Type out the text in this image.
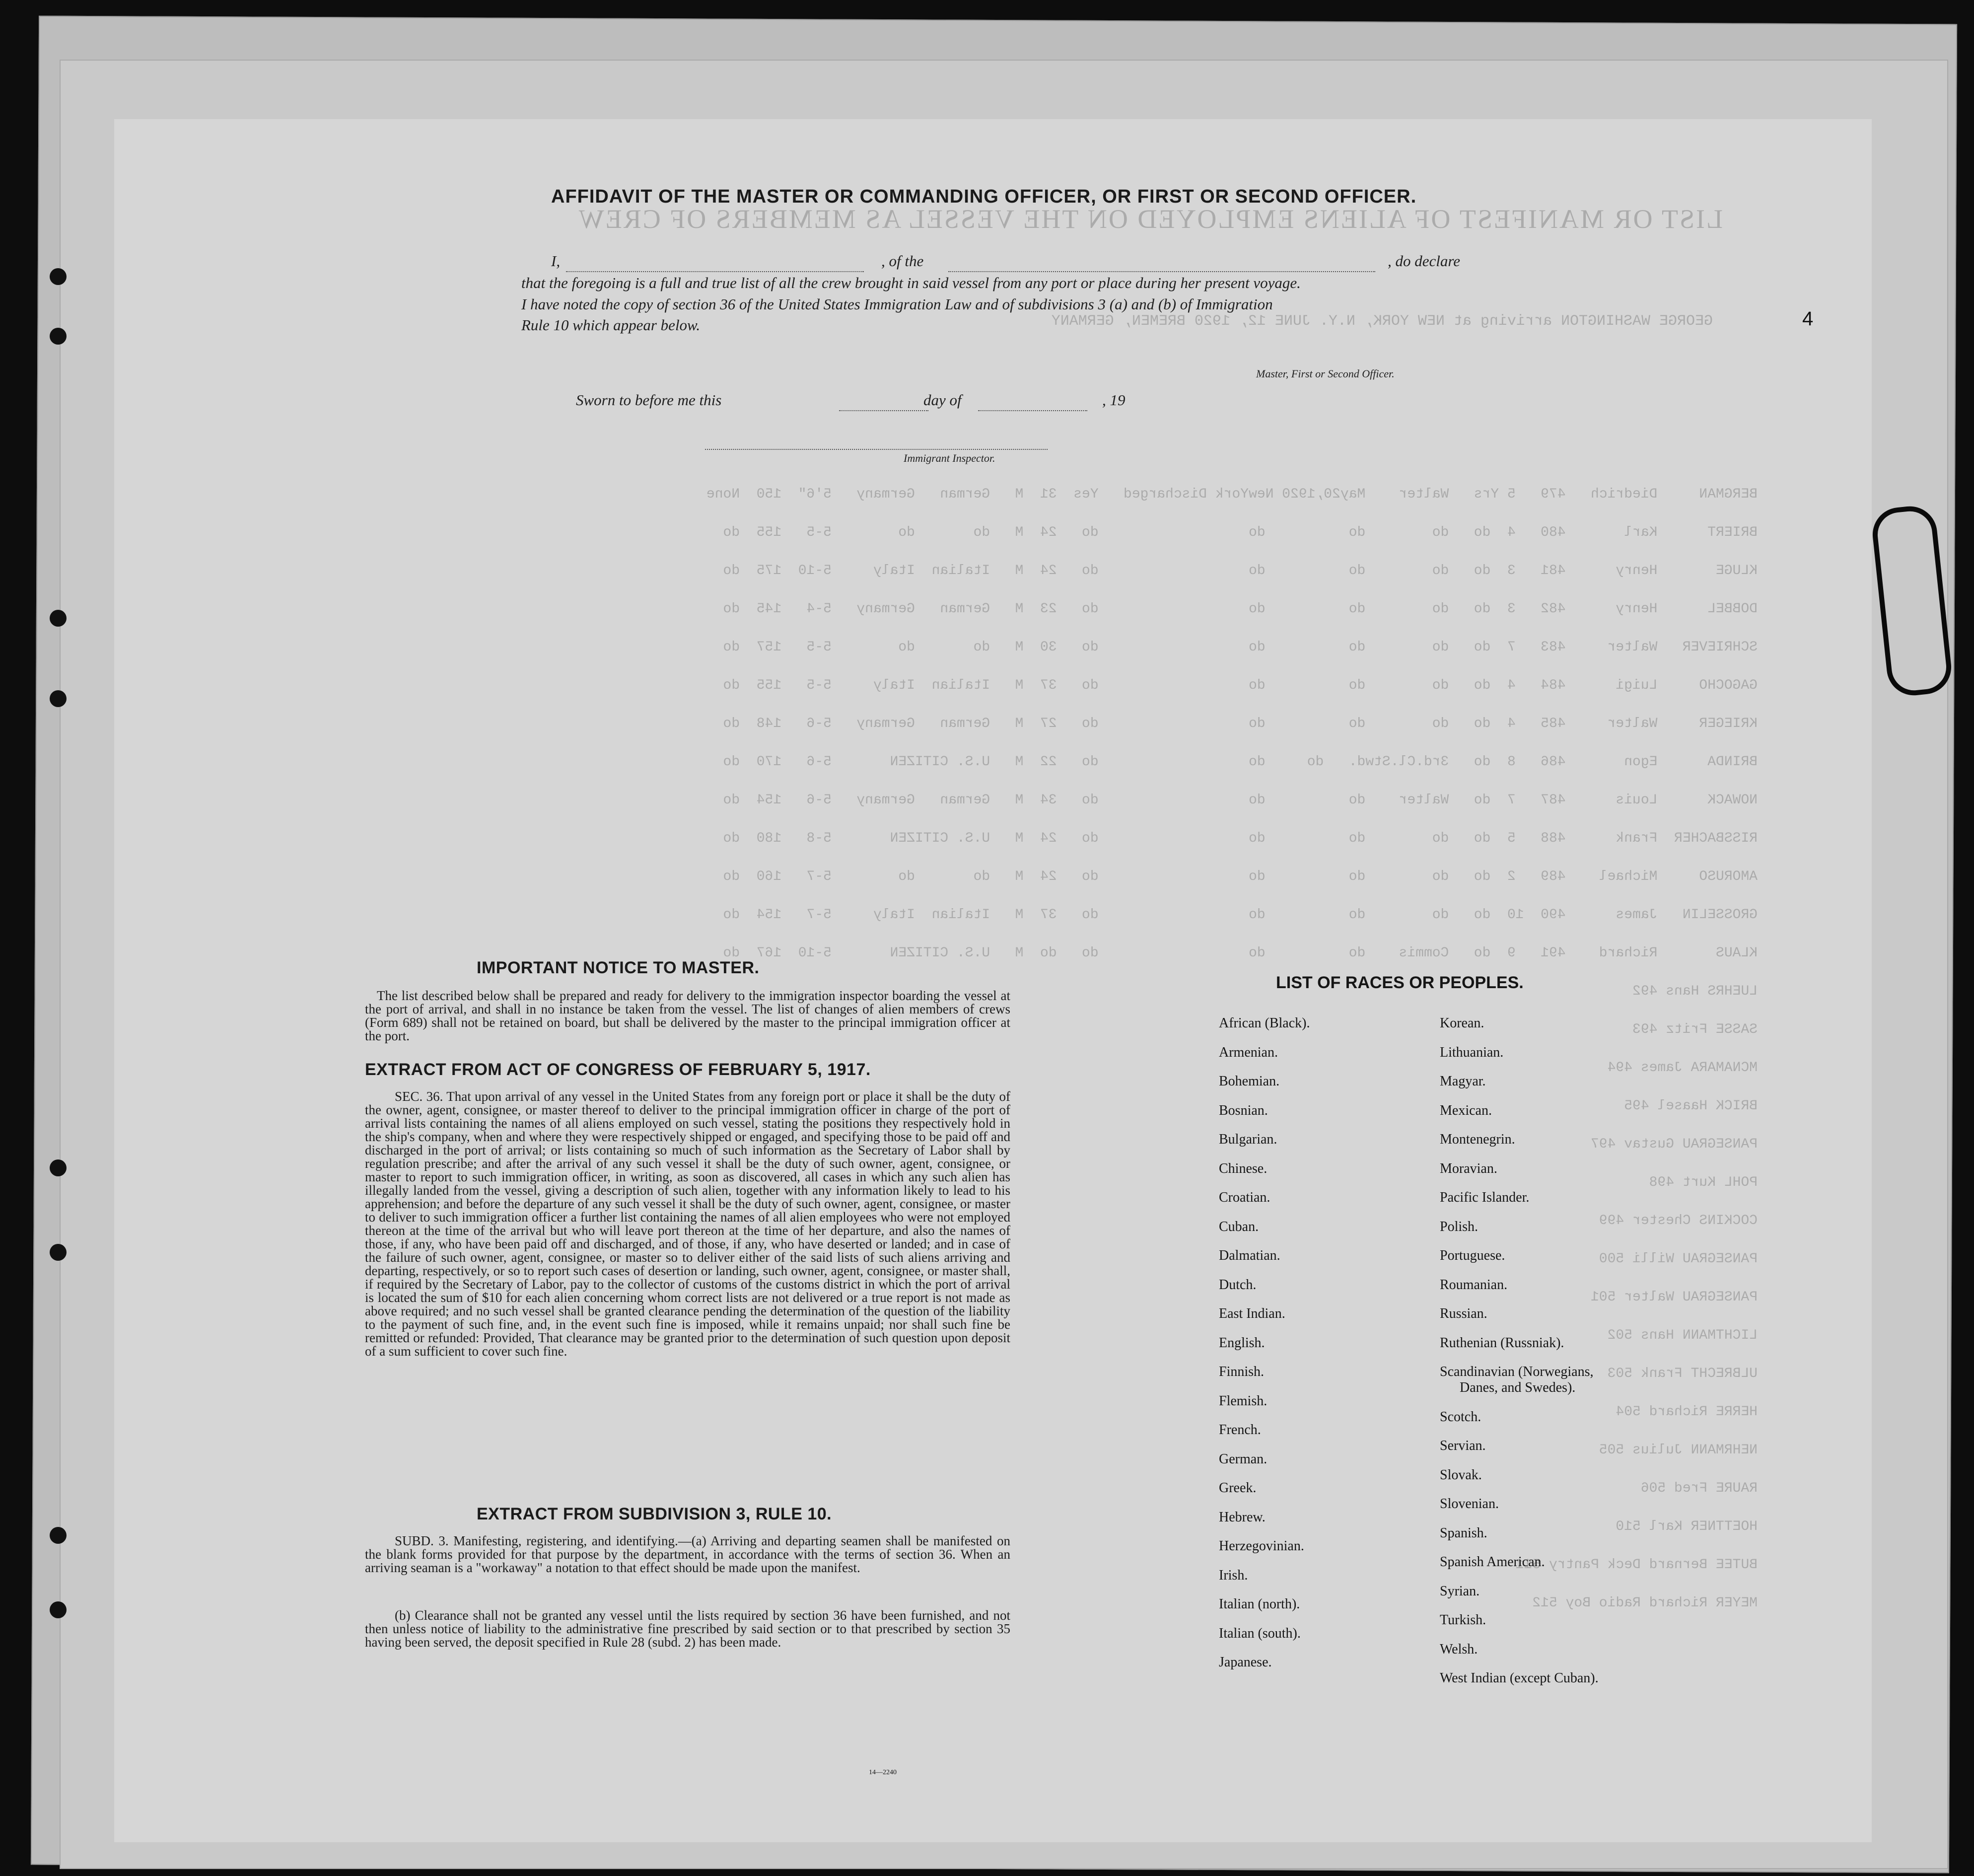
LIST OR MANIFEST OF ALIENS EMPLOYED ON THE VESSEL AS MEMBERS OF CREW
GEORGE WASHINGTON arriving at NEW YORK, N.Y. JUNE 12, 1920 BREMEN, GERMANY
BERGMAN     Diedrich   479   5 Yrs   Walter    May20,1920 NewYork Discharged   Yes  31  M   German   Germany   5'6"  150  None
BRIERT      Karl       480   4  do   do        do          do                  do   24  M   do       do        5-5   155  do
KLUGE       Henry      481   3  do   do        do          do                  do   24  M   Italian  Italy     5-10  175  do
DOBBEL      Henry      482   3  do   do        do          do                  do   23  M   German   Germany   5-4   145  do
SCHRIEVER   Walter     483   7  do   do        do          do                  do   30  M   do       do        5-5   157  do
GAGOCHO     Luigi      484   4  do   do        do          do                  do   37  M   Italian  Italy     5-5   155  do
KRIEGER     Walter     485   4  do   do        do          do                  do   27  M   German   Germany   5-6   148  do
BRINDA      Egon       486   8  do   3rd.Cl.Stwd.   do     do                  do   22  M   U.S. CITIZEN       5-6   170  do
NOWACK      Louis      487   7  do   Walter    do          do                  do   34  M   German   Germany   5-6   154  do
RISSBACHER  Frank      488   5  do   do        do          do                  do   24  M   U.S. CITIZEN       5-8   180  do
AMORUSO     Michael    489   2  do   do        do          do                  do   24  M   do       do        5-7   160  do
GROSSELIN   James      490  10  do   do        do          do                  do   37  M   Italian  Italy     5-7   154  do
KLAUS       Richard    491   9  do   Commis    do          do                  do   do  M   U.S. CITIZEN       5-10  167  do
LUEHRS Hans 492
SASSE Fritz 493
MCNAMARA James 494
BRICK Haasel 495
PANSEGRAU Gustav 497
POHL Kurt 498
COCKINS Chester 499
PANSEGRAU Willi 500
PANSEGRAU Walter 501
LICHTMANN Hans 502
ULBRECHT Frank 503
HERRE Richard 504
NEHRMANN Julius 505
RAURE Fred 506
HOETTNER Karl 510
BUTEE Bernard Deck Pantry 511
MEYER Richard Radio Boy 512
AFFIDAVIT OF THE MASTER OR COMMANDING OFFICER, OR FIRST OR SECOND OFFICER.
I,
	, of the
	, do declare
that the foregoing is a full and true list of all the crew brought in said vessel from any port or place during her present voyage.
I have noted the copy of section 36 of the United States Immigration Law and of subdivisions 3 (a) and (b) of Immigration
Rule 10 which appear below.
Master, First or Second Officer.
Sworn to before me this
	day of
	, 19

Immigrant Inspector.
IMPORTANT NOTICE TO MASTER.
The list described below shall be prepared and ready for delivery to the immigration inspector boarding the vessel at the port of arrival, and shall in no instance be taken from the vessel. The list of changes of alien members of crews (Form 689) shall not be retained on board, but shall be delivered by the master to the principal immigration officer at the port.
EXTRACT FROM ACT OF CONGRESS OF FEBRUARY 5, 1917.
SEC. 36. That upon arrival of any vessel in the United States from any foreign port or place it shall be the duty of the owner, agent, consignee, or master thereof to deliver to the principal immigration officer in charge of the port of arrival lists containing the names of all aliens employed on such vessel, stating the positions they respectively hold in the ship's company, when and where they were respectively shipped or engaged, and specifying those to be paid off and discharged in the port of arrival; or lists containing so much of such information as the Secretary of Labor shall by regulation prescribe; and after the arrival of any such vessel it shall be the duty of such owner, agent, consignee, or master to report to such immigration officer, in writing, as soon as discovered, all cases in which any such alien has illegally landed from the vessel, giving a description of such alien, together with any information likely to lead to his apprehension; and before the departure of any such vessel it shall be the duty of such owner, agent, consignee, or master to deliver to such immigration officer a further list containing the names of all alien employees who were not employed thereon at the time of the arrival but who will leave port thereon at the time of her departure, and also the names of those, if any, who have been paid off and discharged, and of those, if any, who have deserted or landed; and in case of the failure of such owner, agent, consignee, or master so to deliver either of the said lists of such aliens arriving and departing, respectively, or so to report such cases of desertion or landing, such owner, agent, consignee, or master shall, if required by the Secretary of Labor, pay to the collector of customs of the customs district in which the port of arrival is located the sum of $10 for each alien concerning whom correct lists are not delivered or a true report is not made as above required; and no such vessel shall be granted clearance pending the determination of the question of the liability to the payment of such fine, and, in the event such fine is imposed, while it remains unpaid; nor shall such fine be remitted or refunded: Provided, That clearance may be granted prior to the determination of such question upon deposit of a sum sufficient to cover such fine.
EXTRACT FROM SUBDIVISION 3, RULE 10.
SUBD. 3. Manifesting, registering, and identifying.—(a) Arriving and departing seamen shall be manifested on the blank forms provided for that purpose by the department, in accordance with the terms of section 36. When an arriving seaman is a "workaway" a notation to that effect should be made upon the manifest.
(b) Clearance shall not be granted any vessel until the lists required by section 36 have been furnished, and not then unless notice of liability to the administrative fine prescribed by said section or to that prescribed by section 35 having been served, the deposit specified in Rule 28 (subd. 2) has been made.
14—2240
LIST OF RACES OR PEOPLES.
4
African (Black).
Armenian.
Bohemian.
Bosnian.
Bulgarian.
Chinese.
Croatian.
Cuban.
Dalmatian.
Dutch.
East Indian.
English.
Finnish.
Flemish.
French.
German.
Greek.
Hebrew.
Herzegovinian.
Irish.
Italian (north).
Italian (south).
Japanese.
Korean.
Lithuanian.
Magyar.
Mexican.
Montenegrin.
Moravian.
Pacific Islander.
Polish.
Portuguese.
Roumanian.
Russian.
Ruthenian (Russniak).
Scandinavian (Norwegians,
Danes, and Swedes).
Scotch.
Servian.
Slovak.
Slovenian.
Spanish.
Spanish American.
Syrian.
Turkish.
Welsh.
West Indian (except Cuban).
